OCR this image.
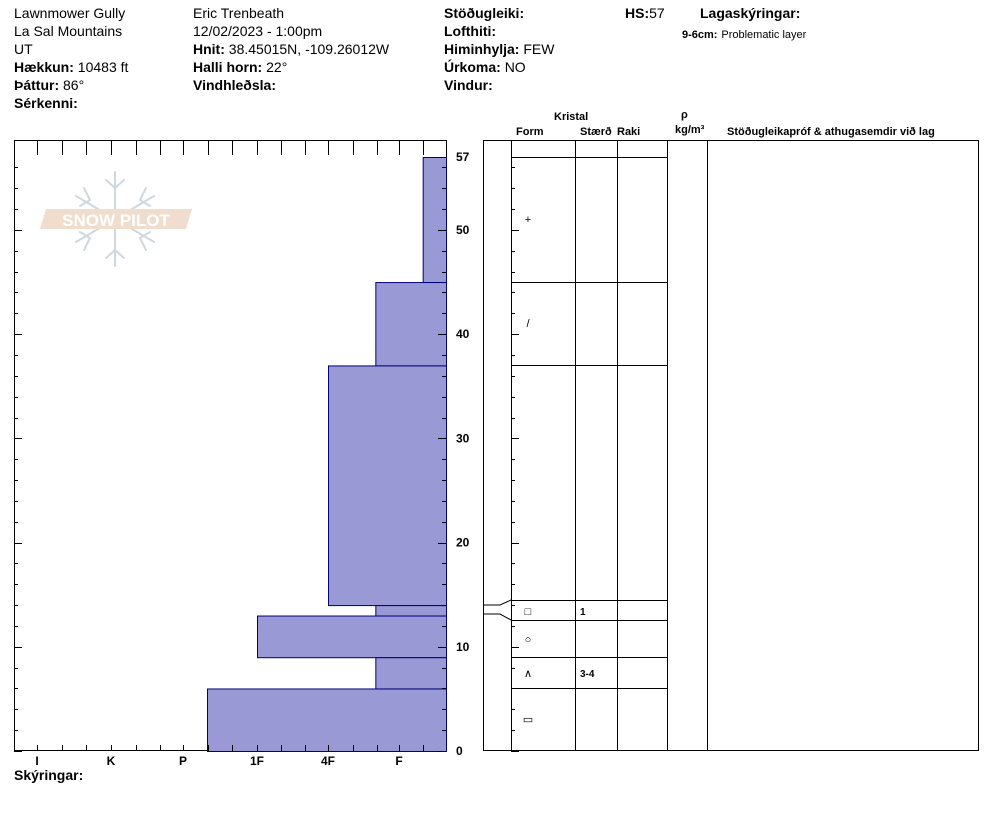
Lawnmower Gully
La Sal Mountains
UT
Hækkun: 10483 ft
Þáttur: 86°
Sérkenni:
Eric Trenbeath
12/02/2023 - 1:00pm
Hnit: 38.45015N, -109.26012W
Halli horn: 22°
Vindhleðsla:
Stöðugleiki:
Lofthiti:
Himinhylja: FEW
Úrkoma: NO
Vindur:
HS:57	Lagaskýringar:
9-6cm: Problematic layer
Kristal
Form	Stærð Raki
ρ
kg/m³ Stöðugleikapróf & athugasemdir við lag
Skýringar:
SNOW PILOT
0
10
20
30
40
50
57
I	K	P	1F	4F	F
+
/
□	1
○
∧	3-4
▭
